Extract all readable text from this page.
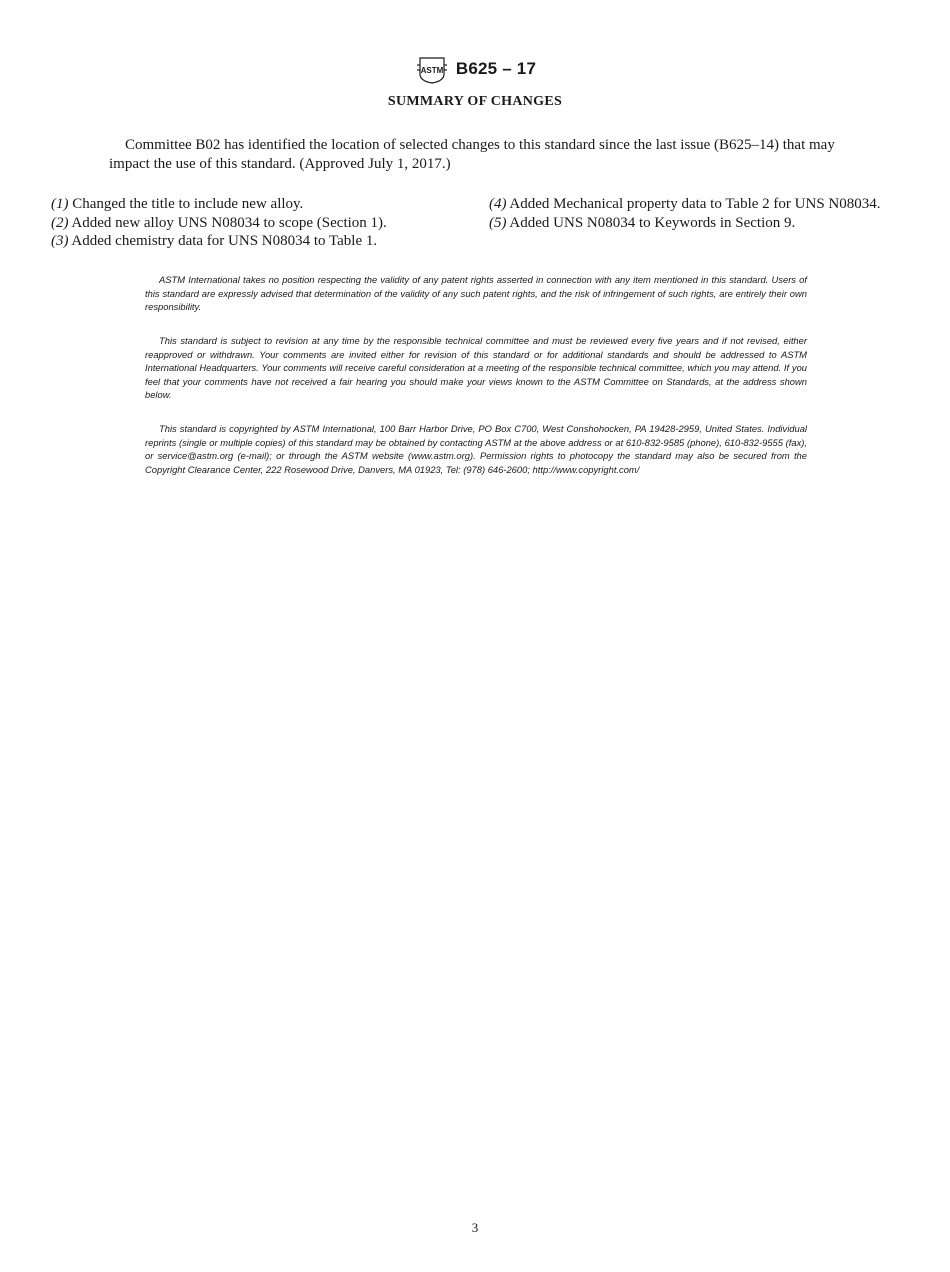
ASTM B625 – 17
SUMMARY OF CHANGES

Committee B02 has identified the location of selected changes to this standard since the last issue (B625–14) that may impact the use of this standard. (Approved July 1, 2017.)

(1) Changed the title to include new alloy.

(2) Added new alloy UNS N08034 to scope (Section 1).

(3) Added chemistry data for UNS N08034 to Table 1.

(4) Added Mechanical property data to Table 2 for UNS N08034.

(5) Added UNS N08034 to Keywords in Section 9.

ASTM International takes no position respecting the validity of any patent rights asserted in connection with any item mentioned in this standard. Users of this standard are expressly advised that determination of the validity of any such patent rights, and the risk of infringement of such rights, are entirely their own responsibility.

This standard is subject to revision at any time by the responsible technical committee and must be reviewed every five years and if not revised, either reapproved or withdrawn. Your comments are invited either for revision of this standard or for additional standards and should be addressed to ASTM International Headquarters. Your comments will receive careful consideration at a meeting of the responsible technical committee, which you may attend. If you feel that your comments have not received a fair hearing you should make your views known to the ASTM Committee on Standards, at the address shown below.

This standard is copyrighted by ASTM International, 100 Barr Harbor Drive, PO Box C700, West Conshohocken, PA 19428-2959, United States. Individual reprints (single or multiple copies) of this standard may be obtained by contacting ASTM at the above address or at 610-832-9585 (phone), 610-832-9555 (fax), or service@astm.org (e-mail); or through the ASTM website (www.astm.org). Permission rights to photocopy the standard may also be secured from the Copyright Clearance Center, 222 Rosewood Drive, Danvers, MA 01923, Tel: (978) 646-2600; http://www.copyright.com/

3
